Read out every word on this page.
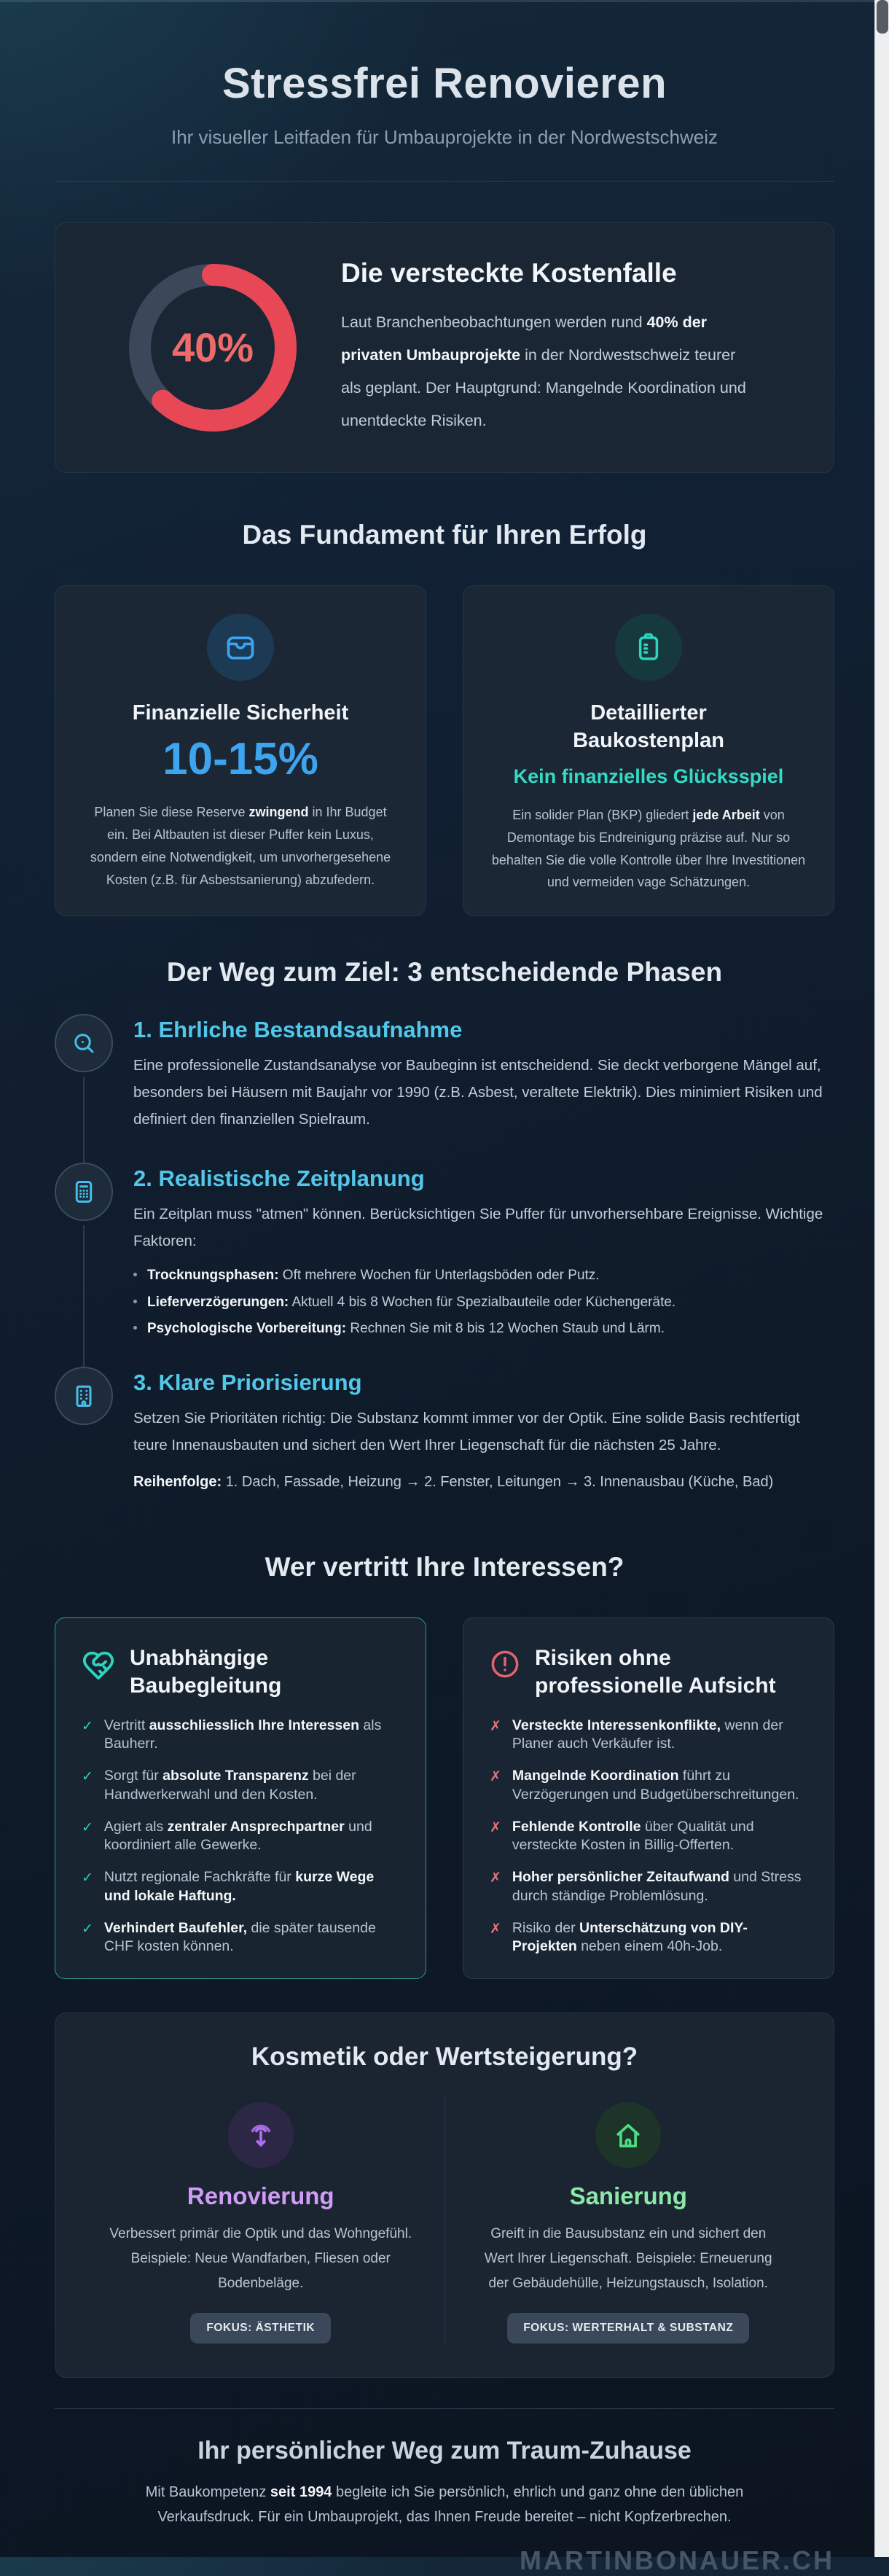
Stressfrei Renovieren

Ihr visueller Leitfaden für Umbauprojekte in der Nordwestschweiz

40%
Die versteckte Kostenfalle

Laut Branchenbeobachtungen werden rund 40% der privaten Umbauprojekte in der Nordwestschweiz teurer als geplant. Der Hauptgrund: Mangelnde Koordination und unentdeckte Risiken.

Das Fundament für Ihren Erfolg
Finanzielle Sicherheit
10-15%

Planen Sie diese Reserve zwingend in Ihr Budget ein. Bei Altbauten ist dieser Puffer kein Luxus, sondern eine Notwendigkeit, um unvorhergesehene Kosten (z.B. für Asbestsanierung) abzufedern.

Detaillierter Baukostenplan
Kein finanzielles Glücksspiel

Ein solider Plan (BKP) gliedert jede Arbeit von Demontage bis Endreinigung präzise auf. Nur so behalten Sie die volle Kontrolle über Ihre Investitionen und vermeiden vage Schätzungen.

Der Weg zum Ziel: 3 entscheidende Phasen
1. Ehrliche Bestandsaufnahme

Eine professionelle Zustandsanalyse vor Baubeginn ist entscheidend. Sie deckt verborgene Mängel auf, besonders bei Häusern mit Baujahr vor 1990 (z.B. Asbest, veraltete Elektrik). Dies minimiert Risiken und definiert den finanziellen Spielraum.

2. Realistische Zeitplanung

Ein Zeitplan muss "atmen" können. Berücksichtigen Sie Puffer für unvorhersehbare Ereignisse. Wichtige Faktoren:

Trocknungsphasen: Oft mehrere Wochen für Unterlagsböden oder Putz.
Lieferverzögerungen: Aktuell 4 bis 8 Wochen für Spezialbauteile oder Küchengeräte.
Psychologische Vorbereitung: Rechnen Sie mit 8 bis 12 Wochen Staub und Lärm.
3. Klare Priorisierung

Setzen Sie Prioritäten richtig: Die Substanz kommt immer vor der Optik. Eine solide Basis rechtfertigt teure Innenausbauten und sichert den Wert Ihrer Liegenschaft für die nächsten 25 Jahre.

Reihenfolge: 1. Dach, Fassade, Heizung → 2. Fenster, Leitungen → 3. Innenausbau (Küche, Bad)

Wer vertritt Ihre Interessen?
Unabhängige Baubegleitung
✓ Vertritt ausschliesslich Ihre Interessen als Bauherr.
✓ Sorgt für absolute Transparenz bei der Handwerkerwahl und den Kosten.
✓ Agiert als zentraler Ansprechpartner und koordiniert alle Gewerke.
✓ Nutzt regionale Fachkräfte für kurze Wege und lokale Haftung.
✓ Verhindert Baufehler, die später tausende CHF kosten können.
Risiken ohne professionelle Aufsicht
✗ Versteckte Interessenkonflikte, wenn der Planer auch Verkäufer ist.
✗ Mangelnde Koordination führt zu Verzögerungen und Budgetüberschreitungen.
✗ Fehlende Kontrolle über Qualität und versteckte Kosten in Billig-Offerten.
✗ Hoher persönlicher Zeitaufwand und Stress durch ständige Problemlösung.
✗ Risiko der Unterschätzung von DIY-Projekten neben einem 40h-Job.
Kosmetik oder Wertsteigerung?
Renovierung

Verbessert primär die Optik und das Wohngefühl. Beispiele: Neue Wandfarben, Fliesen oder Bodenbeläge.

FOKUS: ÄSTHETIK
Sanierung

Greift in die Bausubstanz ein und sichert den Wert Ihrer Liegenschaft. Beispiele: Erneuerung der Gebäudehülle, Heizungstausch, Isolation.

FOKUS: WERTERHALT & SUBSTANZ
Ihr persönlicher Weg zum Traum-Zuhause

Mit Baukompetenz seit 1994 begleite ich Sie persönlich, ehrlich und ganz ohne den üblichen Verkaufsdruck. Für ein Umbauprojekt, das Ihnen Freude bereitet – nicht Kopfzerbrechen.

MARTINBONAUER.CH
